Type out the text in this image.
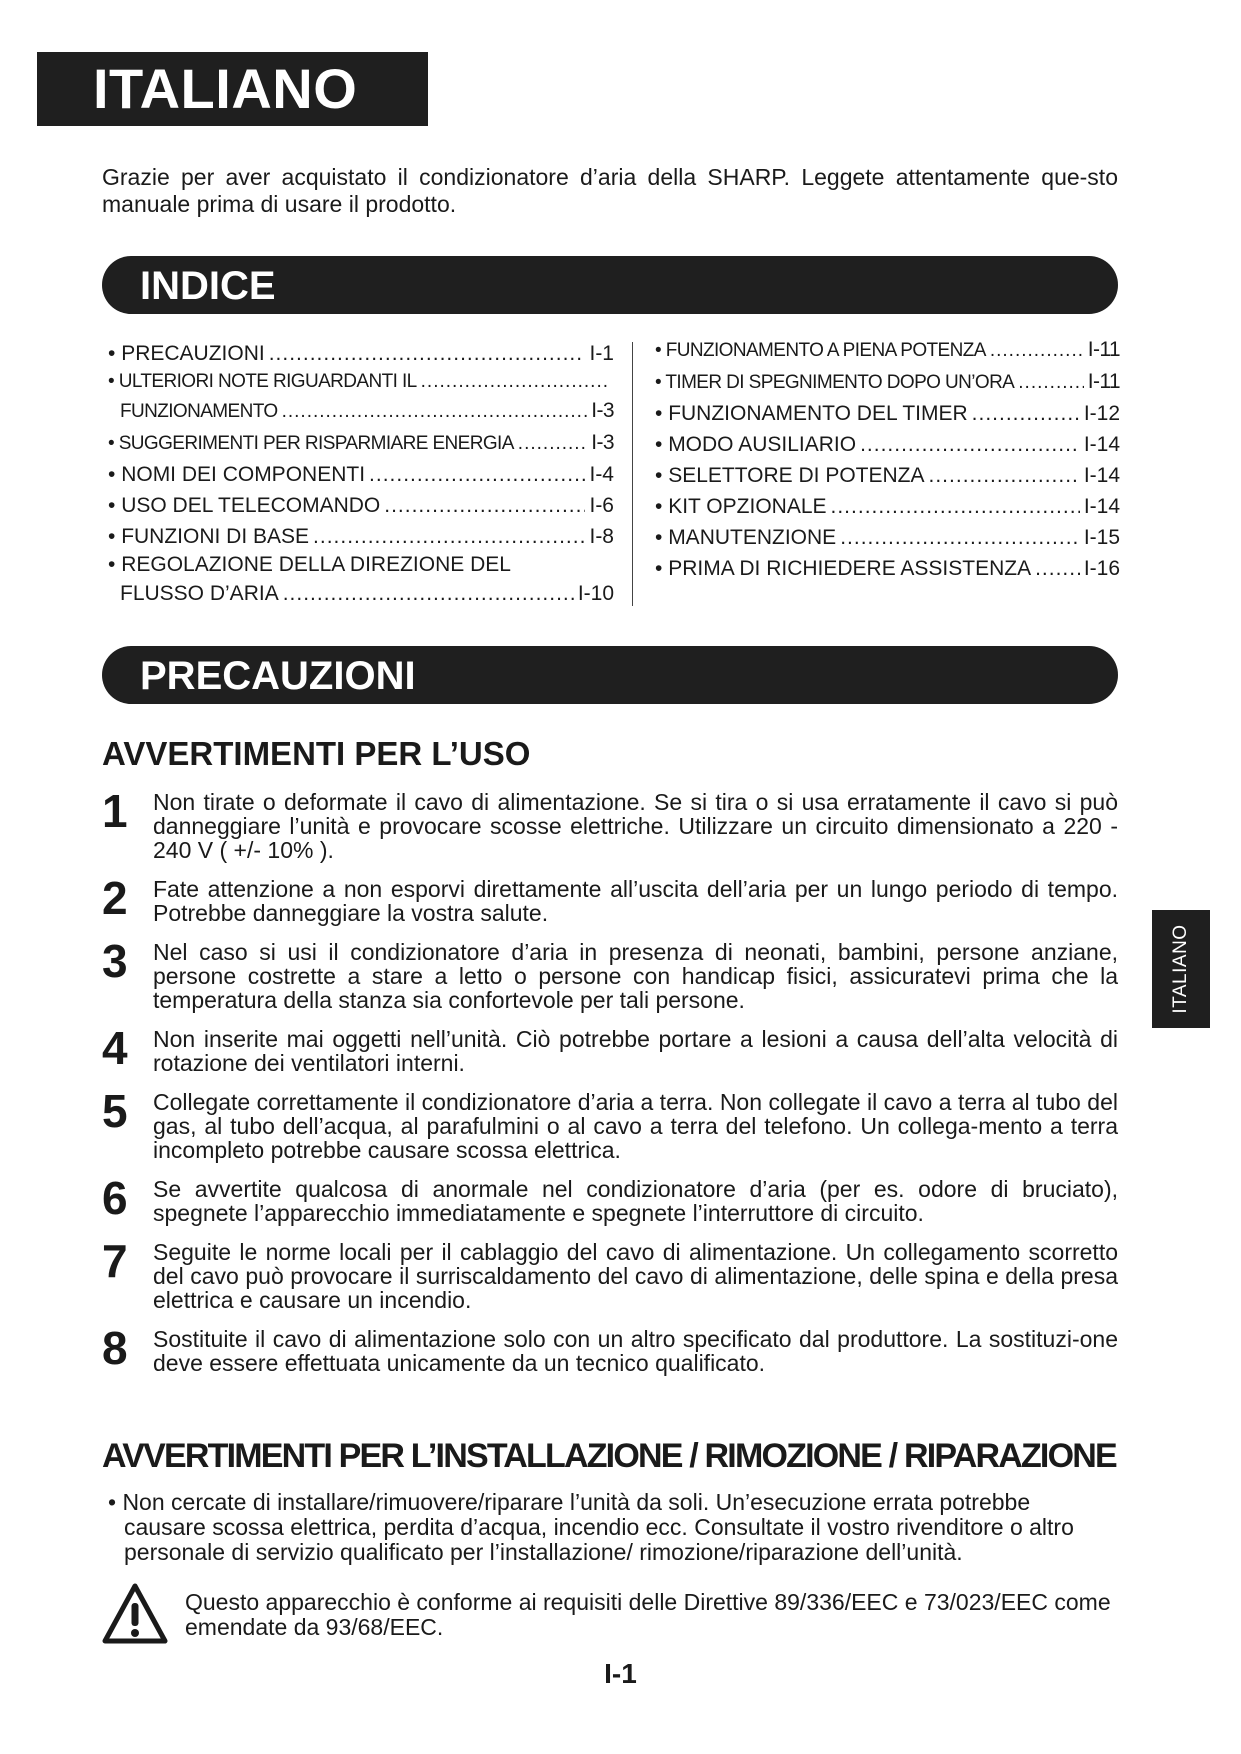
ITALIANO
Grazie per aver acquistato il condizionatore d’aria della SHARP. Leggete attentamente que-sto manuale prima di usare il prodotto.
INDICE
• PRECAUZIONI .....	I-1
• ULTERIORI NOTE RIGUARDANTI IL
.....
FUNZIONAMENTO .....	I-3
• SUGGERIMENTI PER RISPARMIARE ENERGIA .....	I-3
• NOMI DEI COMPONENTI .....	I-4
• USO DEL TELECOMANDO .....	I-6
• FUNZIONI DI BASE .....	I-8
• REGOLAZIONE DELLA DIREZIONE DEL
FLUSSO D’ARIA .....	I-10
• FUNZIONAMENTO A PIENA POTENZA .....	I-11
• TIMER DI SPEGNIMENTO DOPO UN’ORA .....	I-11
• FUNZIONAMENTO DEL TIMER .....	I-12
• MODO AUSILIARIO .....	I-14
• SELETTORE DI POTENZA .....	I-14
• KIT OPZIONALE .....	I-14
• MANUTENZIONE .....	I-15
• PRIMA DI RICHIEDERE ASSISTENZA .....	I-16
PRECAUZIONI
AVVERTIMENTI PER L’USO
1 Non tirate o deformate il cavo di alimentazione. Se si tira o si usa erratamente il cavo si può danneggiare l’unità e provocare scosse elettriche. Utilizzare un circuito dimensionato a 220 - 240 V ( +/- 10% ).
2 Fate attenzione a non esporvi direttamente all’uscita dell’aria per un lungo periodo di tempo. Potrebbe danneggiare la vostra salute.
3 Nel caso si usi il condizionatore d’aria in presenza di neonati, bambini, persone anziane, persone costrette a stare a letto o persone con handicap fisici, assicuratevi prima che la temperatura della stanza sia confortevole per tali persone.
4 Non inserite mai oggetti nell’unità. Ciò potrebbe portare a lesioni a causa dell’alta velocità di rotazione dei ventilatori interni.
5 Collegate correttamente il condizionatore d’aria a terra. Non collegate il cavo a terra al tubo del gas, al tubo dell’acqua, al parafulmini o al cavo a terra del telefono. Un collega-mento a terra incompleto potrebbe causare scossa elettrica.
6 Se avvertite qualcosa di anormale nel condizionatore d’aria (per es. odore di bruciato), spegnete l’apparecchio immediatamente e spegnete l’interruttore di circuito.
7 Seguite le norme locali per il cablaggio del cavo di alimentazione. Un collegamento scorretto del cavo può provocare il surriscaldamento del cavo di alimentazione, delle spina e della presa elettrica e causare un incendio.
8 Sostituite il cavo di alimentazione solo con un altro specificato dal produttore. La sostituzi-one deve essere effettuata unicamente da un tecnico qualificato.
AVVERTIMENTI PER L’INSTALLAZIONE / RIMOZIONE / RIPARAZIONE
• Non cercate di installare/rimuovere/riparare l’unità da soli. Un’esecuzione errata potrebbe causare scossa elettrica, perdita d’acqua, incendio ecc. Consultate il vostro rivenditore o altro personale di servizio qualificato per l’installazione/ rimozione/riparazione dell’unità.
Questo apparecchio è conforme ai requisiti delle Direttive 89/336/EEC e 73/023/EEC come emendate da 93/68/EEC.
I-1
ITALIANO
